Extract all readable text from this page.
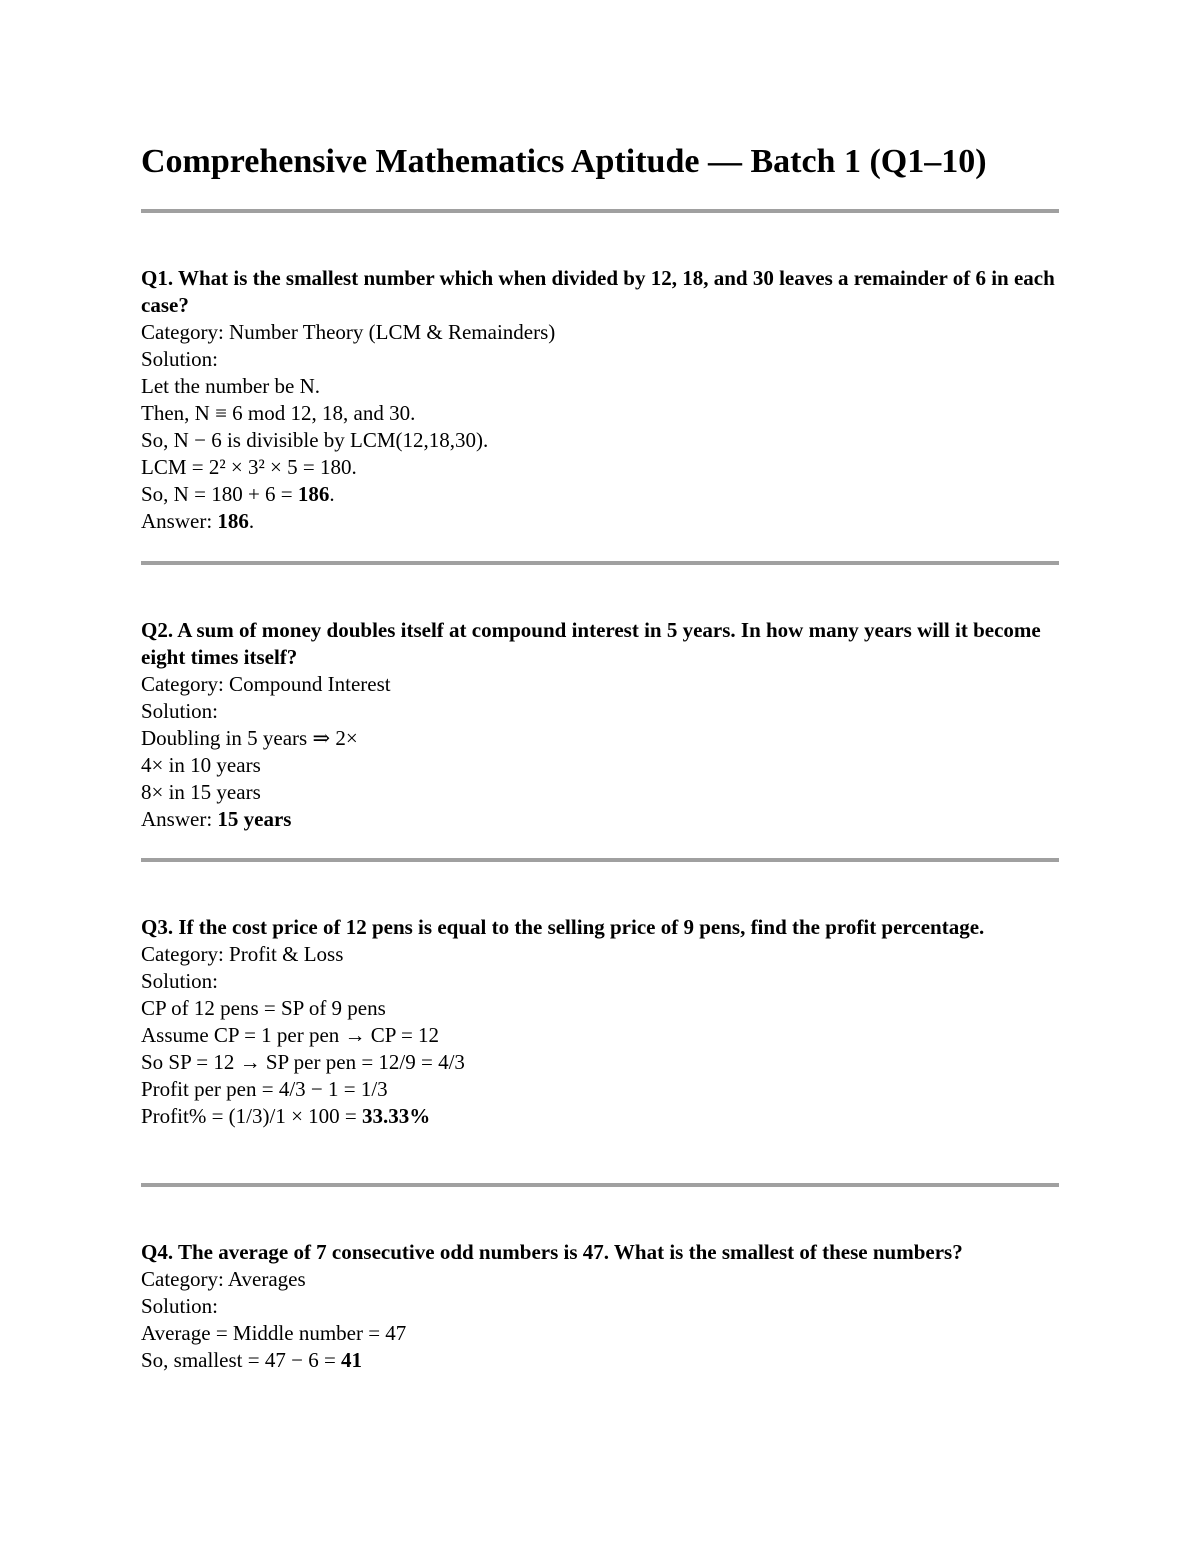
Comprehensive Mathematics Aptitude — Batch 1 (Q1–10)

Q1. What is the smallest number which when divided by 12, 18, and 30 leaves a remainder of 6 in each case?

Category: Number Theory (LCM & Remainders)

Solution:

Let the number be N.

Then, N ≡ 6 mod 12, 18, and 30.

So, N − 6 is divisible by LCM(12,18,30).

LCM = 2² × 3² × 5 = 180.

So, N = 180 + 6 = 186.

Answer: 186.

Q2. A sum of money doubles itself at compound interest in 5 years. In how many years will it become eight times itself?

Category: Compound Interest

Solution:

Doubling in 5 years ⇒ 2×

4× in 10 years

8× in 15 years

Answer: 15 years

Q3. If the cost price of 12 pens is equal to the selling price of 9 pens, find the profit percentage.

Category: Profit & Loss

Solution:

CP of 12 pens = SP of 9 pens

Assume CP = 1 per pen → CP = 12

So SP = 12 → SP per pen = 12/9 = 4/3

Profit per pen = 4/3 − 1 = 1/3

Profit% = (1/3)/1 × 100 = 33.33%

Q4. The average of 7 consecutive odd numbers is 47. What is the smallest of these numbers?

Category: Averages

Solution:

Average = Middle number = 47

So, smallest = 47 − 6 = 41
